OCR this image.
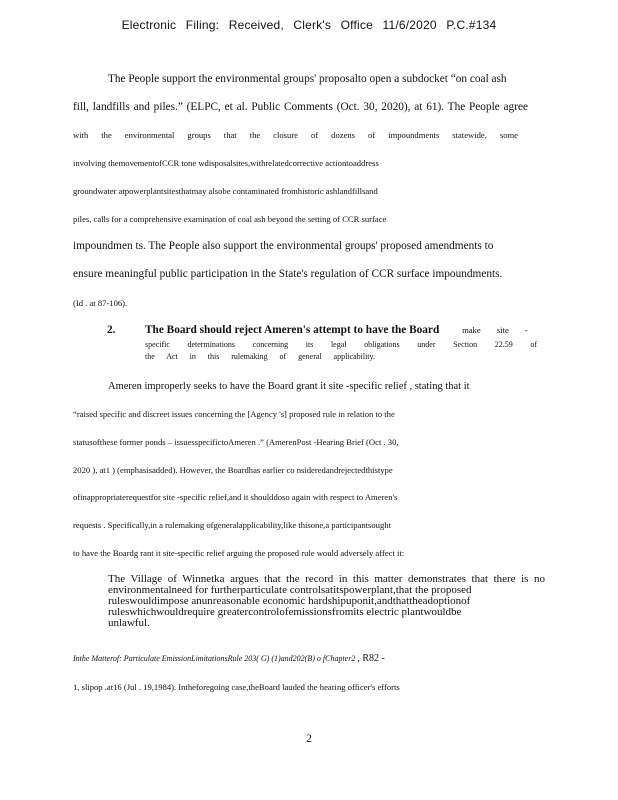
Electronic Filing: Received, Clerk's Office 11/6/2020 P.C.#134
The People support the environmental groups' proposalto open a subdocket “on coal ash
fill, landfills and piles.” (ELPC, et al. Public Comments (Oct. 30, 2020), at 61). The People agree
with the environmental groups that the closure of dozens of impoundments statewide, some
involving themovementofCCR tone wdisposalsites,withrelatedcorrective actiontoaddress
groundwater atpowerplantsitesthatmay alsobe contaminated fromhistoric ashlandfillsand
piles, calls for a comprehensive examination of coal ash beyond the setting of CCR surface
impoundmen ts. The People also support the environmental groups' proposed amendments to
ensure meaningful public participation in the State's regulation of CCR surface impoundments.
(Id . at 87-106).
2.	The Board should reject Ameren's attempt to have the Board	make site -
specific determinations concerning its legal obligations under Section 22.59 of
the Act in this rulemaking of general applicability.
Ameren improperly seeks to have the Board grant it site -specific relief , stating that it
“raised specific and discreet issues concerning the [Agency 's] proposed rule in relation to the
statusofthese former ponds – issuesspecifictoAmeren .” (AmerenPost -Hearing Brief (Oct . 30,
2020 ), at1 ) (emphasisadded). However, the Boardhas earlier co nsideredandrejectedthistype
ofinappropriaterequestfor site -specific relief,and it shoulddоso again with respect to Ameren's
requests . Specifically,in a rulemaking ofgeneralapplicability,like thisone,a participantsought
to have the Boardg rant it site-specific relief arguing the proposed rule would adversely affect it:
The Village of Winnetka argues that the record in this matter demonstrates that there is no
environmentalneed for furtherparticulate controlsatitspowerplant,that the proposed
ruleswouldimpose anunreasonable economic hardshipuponit,andthattheadoptionof
ruleswhichwouldrequire greatercontrolofemissionsfromits electric plantwouldbe
unlawful.
Inthe Matterof: Particulate EmissionLimitationsRule 203( G) (1)and202(B) o fChapter2 , R82 -
1, slipop .at16 (Jul . 19,1984). Intheforegoing case,theBoard lauded the hearing officer's efforts
2
